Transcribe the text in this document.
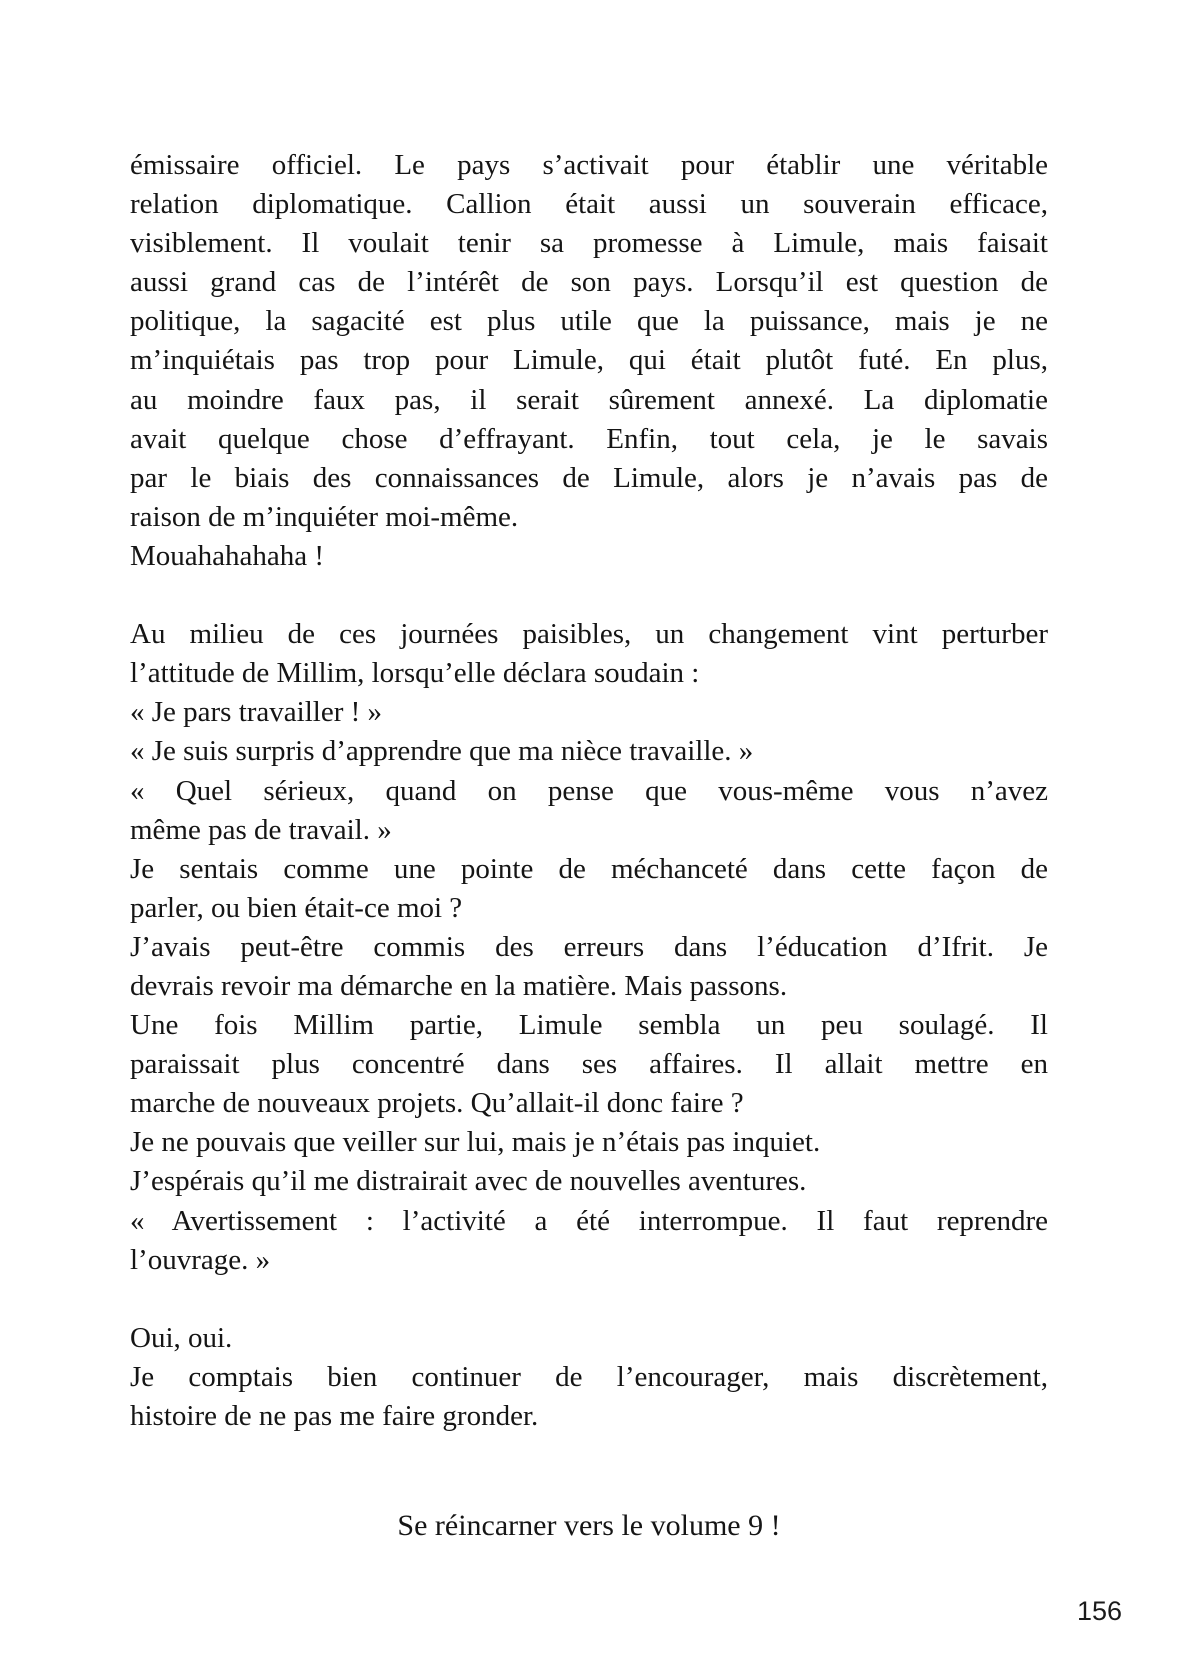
émissaire officiel. Le pays s’activait pour établir une véritable
relation diplomatique. Callion était aussi un souverain efficace,
visiblement. Il voulait tenir sa promesse à Limule, mais faisait
aussi grand cas de l’intérêt de son pays. Lorsqu’il est question de
politique, la sagacité est plus utile que la puissance, mais je ne
m’inquiétais pas trop pour Limule, qui était plutôt futé. En plus,
au moindre faux pas, il serait sûrement annexé. La diplomatie
avait quelque chose d’effrayant. Enfin, tout cela, je le savais
par le biais des connaissances de Limule, alors je n’avais pas de
raison de m’inquiéter moi-même.
Mouahahahaha !
Au milieu de ces journées paisibles, un changement vint perturber
l’attitude de Millim, lorsqu’elle déclara soudain :
« Je pars travailler ! »
« Je suis surpris d’apprendre que ma nièce travaille. »
« Quel sérieux, quand on pense que vous-même vous n’avez
même pas de travail. »
Je sentais comme une pointe de méchanceté dans cette façon de
parler, ou bien était-ce moi ?
J’avais peut-être commis des erreurs dans l’éducation d’Ifrit. Je
devrais revoir ma démarche en la matière. Mais passons.
Une fois Millim partie, Limule sembla un peu soulagé. Il
paraissait plus concentré dans ses affaires. Il allait mettre en
marche de nouveaux projets. Qu’allait-il donc faire ?
Je ne pouvais que veiller sur lui, mais je n’étais pas inquiet.
J’espérais qu’il me distrairait avec de nouvelles aventures.
« Avertissement : l’activité a été interrompue. Il faut reprendre
l’ouvrage. »
Oui, oui.
Je comptais bien continuer de l’encourager, mais discrètement,
histoire de ne pas me faire gronder.
Se réincarner vers le volume 9 !
156
